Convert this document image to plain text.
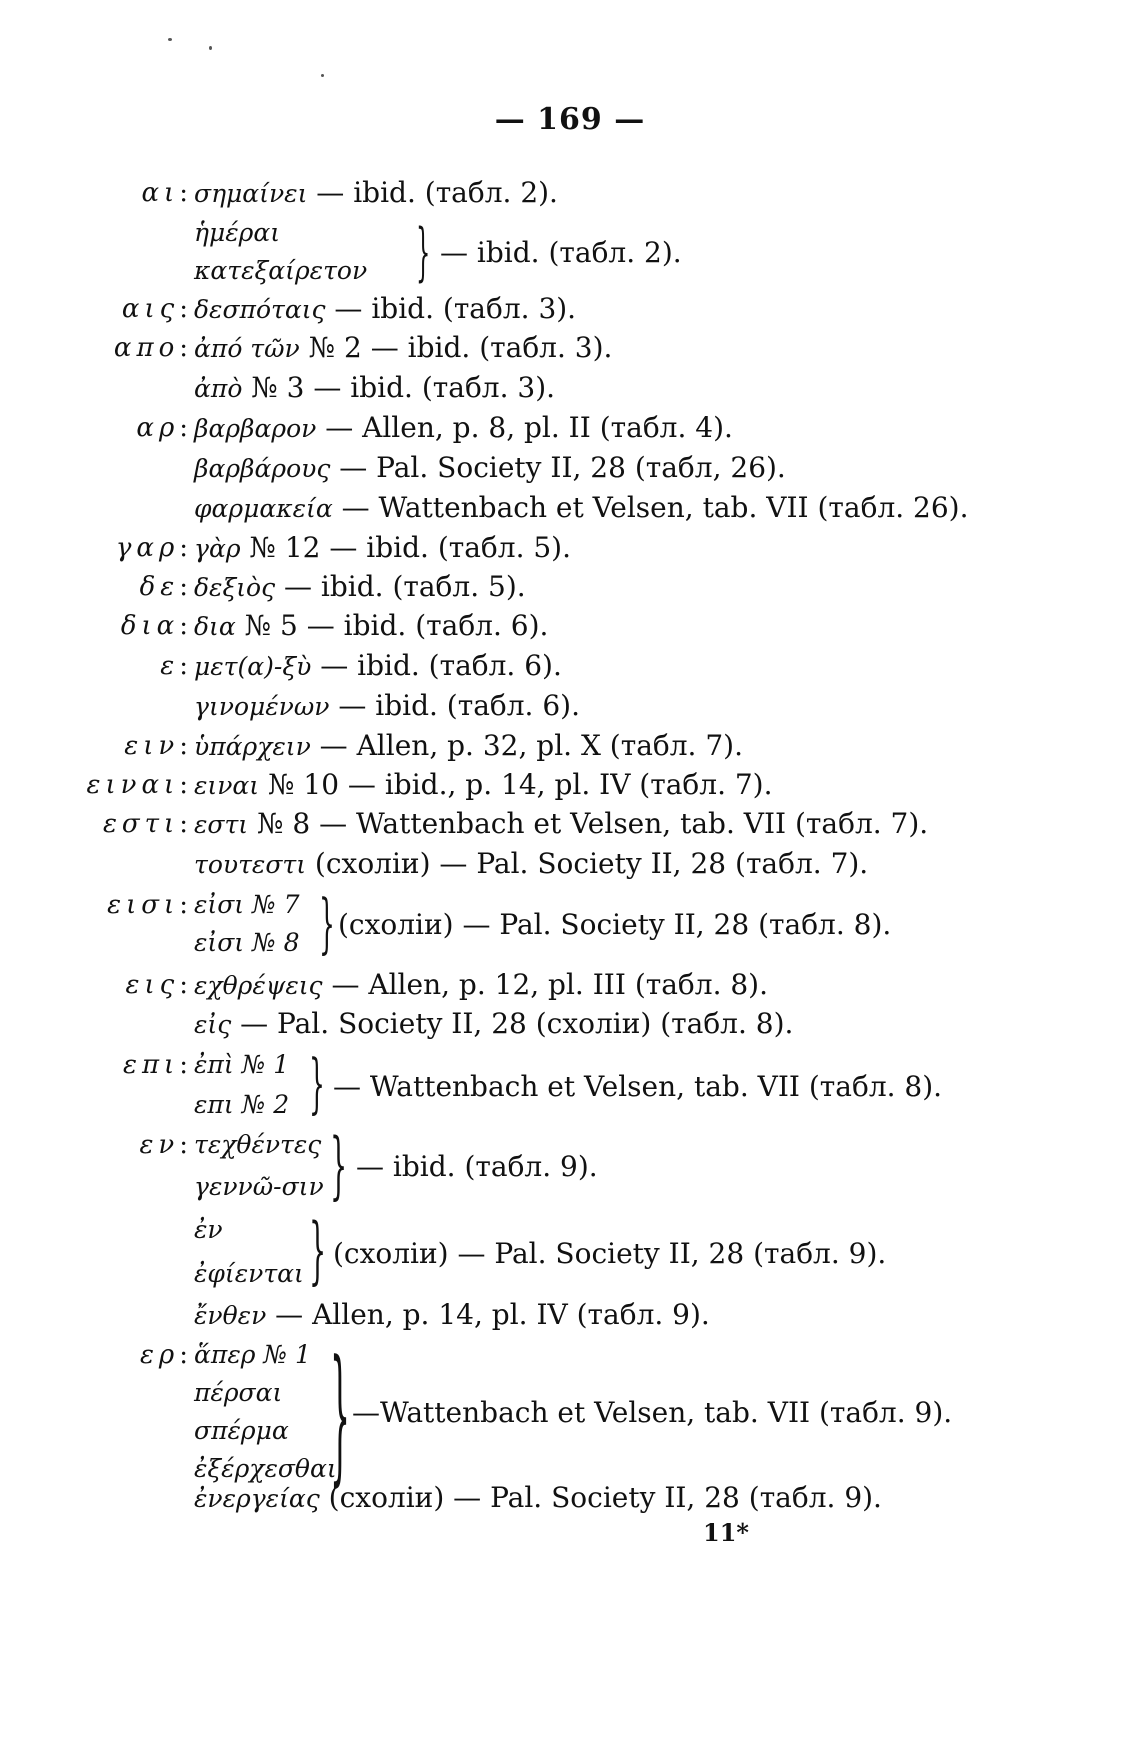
— 169 —
αι: σημαίνει — ibid. (табл. 2).
ἡμέραι
κατεξαίρετον } — ibid. (табл. 2).
αις: δεσπόταις — ibid. (табл. 3).
απο: ἀπό τῶν № 2 — ibid. (табл. 3).
ἀπὸ № 3 — ibid. (табл. 3).
αρ: βαρβαρον — Allen, p. 8, pl. II (табл. 4).
βαρβάρους — Pal. Society II, 28 (табл, 26).
φαρμακεία — Wattenbach et Velsen, tab. VII (табл. 26).
γαρ: γὰρ № 12 — ibid. (табл. 5).
δε: δεξιὸς — ibid. (табл. 5).
δια: δια № 5 — ibid. (табл. 6).
ε: μετ(α)-ξὺ — ibid. (табл. 6).
γινομένων — ibid. (табл. 6).
ειν: ὑπάρχειν — Allen, p. 32, pl. X (табл. 7).
ειναι: ειναι № 10 — ibid., p. 14, pl. IV (табл. 7).
εστι: εστι № 8 — Wattenbach et Velsen, tab. VII (табл. 7).
τουτεστι (схоліи) — Pal. Society II, 28 (табл. 7).
εισι: εἰσι № 7
εἰσι № 8 } (схоліи) — Pal. Society II, 28 (табл. 8).
εις: εχθρέψεις — Allen, p. 12, pl. III (табл. 8).
εἰς — Pal. Society II, 28 (схоліи) (табл. 8).
επι: ἐπὶ № 1
επι № 2 } — Wattenbach et Velsen, tab. VII (табл. 8).
εν: τεχθέντες
γεννῶ-σιν } — ibid. (табл. 9).
ἐν
ἐφίενται } (схоліи) — Pal. Society II, 28 (табл. 9).
ἔνθεν — Allen, p. 14, pl. IV (табл. 9).
ερ: ἅπερ № 1
πέρσαι
σπέρμα
ἐξέρχεσθαι
} —Wattenbach et Velsen, tab. VII (табл. 9).
ἐνεργείας (схоліи) — Pal. Society II, 28 (табл. 9).
11*
